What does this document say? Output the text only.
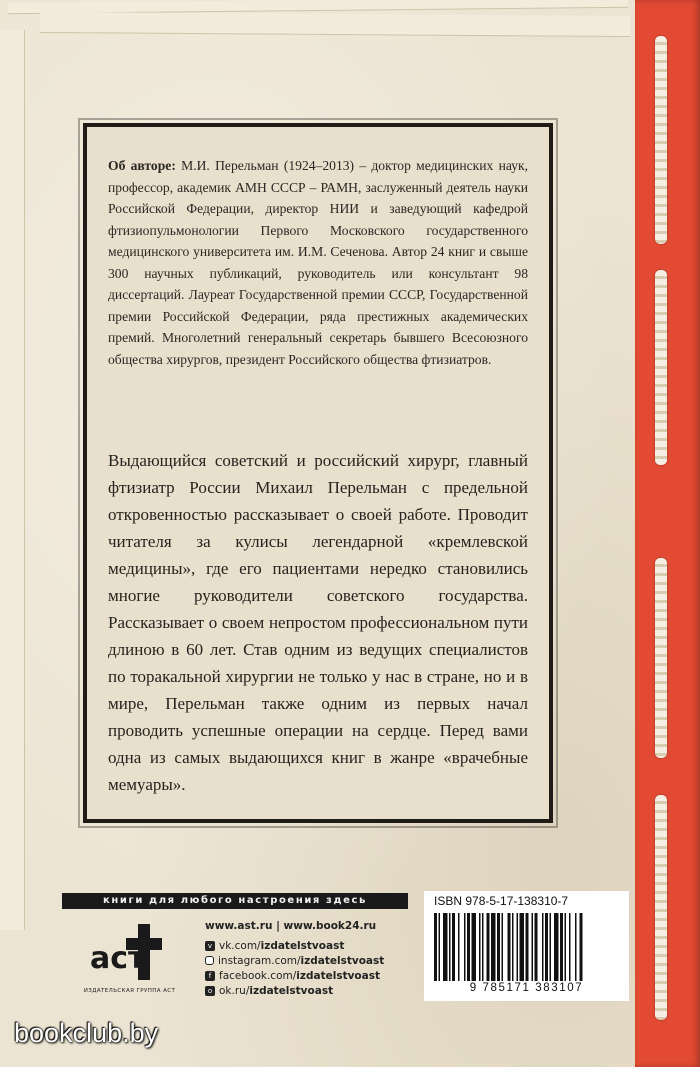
Об авторе: М.И. Перельман (1924–2013) – доктор медицинских наук, профессор, академик АМН СССР – РАМН, заслуженный деятель науки Российской Федерации, директор НИИ и заведующий кафедрой фтизиопульмонологии Первого Московского государственного медицинского университета им. И.М. Сеченова. Автор 24 книг и свыше 300 научных публикаций, руководитель или консультант 98 диссертаций. Лауреат Государственной премии СССР, Государственной премии Российской Федерации, ряда престижных академических премий. Многолетний генеральный секретарь бывшего Всесоюзного общества хирургов, президент Российского общества фтизиатров.
Выдающийся советский и российский хирург, главный фтизиатр России Михаил Перельман с предельной откровенностью рассказывает о своей работе. Проводит читателя за кулисы легендарной «кремлевской медицины», где его пациентами нередко становились многие руководители советского государства. Рассказывает о своем непростом профессиональном пути длиною в 60 лет. Став одним из ведущих специалистов по торакальной хирургии не только у нас в стране, но и в мире, Перельман также одним из первых начал проводить успешные операции на сердце. Перед вами одна из самых выдающихся книг в жанре «врачебные мемуары».
книги для любого настроения здесь
aст
ИЗДАТЕЛЬСКАЯ ГРУППА АСТ
www.ast.ru | www.book24.ru
v vk.com/ izdatelstvoast
instagram.com/ izdatelstvoast
f facebook.com/ izdatelstvoast
o ok.ru/ izdatelstvoast
ISBN 978-5-17-138310-7
9 785171 383107
bookclub.by
